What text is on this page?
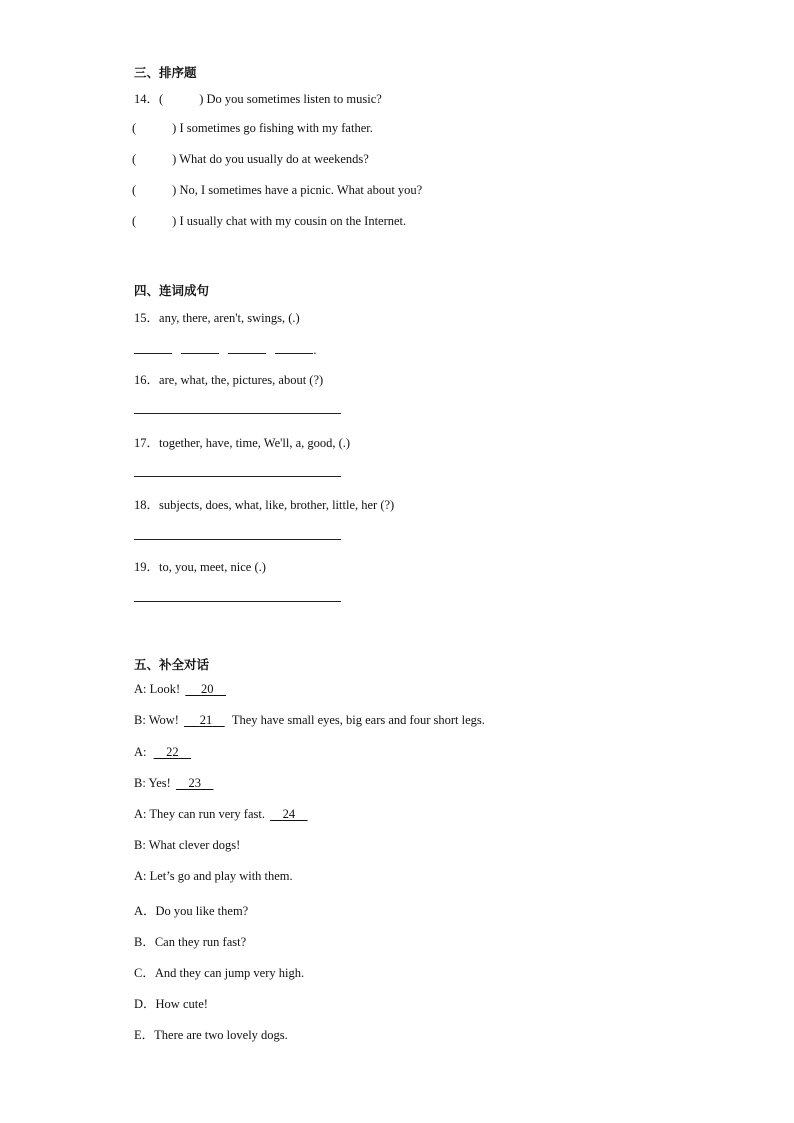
三、排序题
14．(	) Do you sometimes listen to music?
(	) I sometimes go fishing with my father.
(	) What do you usually do at weekends?
(	) No, I sometimes have a picnic. What about you?
(	) I usually chat with my cousin on the Internet.
四、连词成句
15．any, there, aren't, swings, (.)
.
16．are, what, the, pictures, about (?)
17．together, have, time, We'll, a, good, (.)
18．subjects, does, what, like, brother, little, her (?)
19．to, you, meet, nice (.)
五、补全对话
A: Look! 20
B: Wow! 21 They have small eyes, big ears and four short legs.
A: 22
B: Yes! 23
A: They can run very fast. 24
B: What clever dogs!
A: Let’s go and play with them.
A．Do you like them?
B．Can they run fast?
C．And they can jump very high.
D．How cute!
E．There are two lovely dogs.
